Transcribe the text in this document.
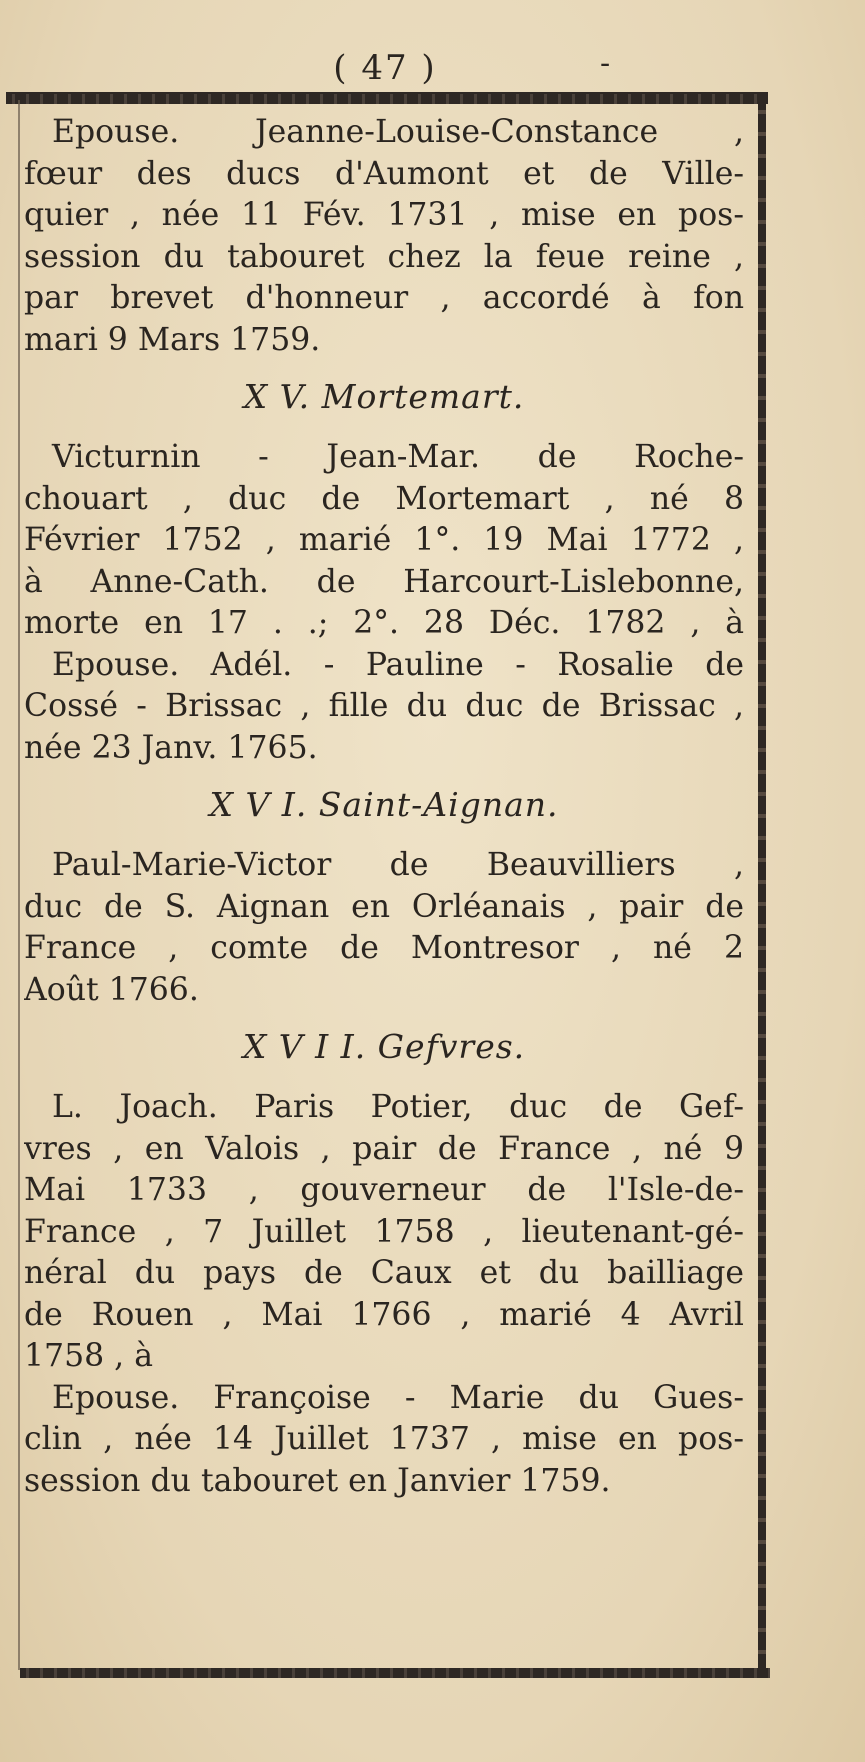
( 47 )	-
Epouse. Jeanne-Louise-Constance ,
fœur des ducs d'Aumont et de Ville-
quier , née 11 Fév. 1731 , mise en pos-
session du tabouret chez la feue reine ,
par brevet d'honneur , accordé à fon
mari 9 Mars 1759.
X V. Mortemart.
Victurnin - Jean-Mar. de Roche-
chouart , duc de Mortemart , né 8
Février 1752 , marié 1°. 19 Mai 1772 ,
à Anne-Cath. de Harcourt-Lislebonne,
morte en 17 . .; 2°. 28 Déc. 1782 , à
Epouse. Adél. - Pauline - Rosalie de
Cossé - Brissac , fille du duc de Brissac ,
née 23 Janv. 1765.
X V I. Saint-Aignan.
Paul-Marie-Victor de Beauvilliers ,
duc de S. Aignan en Orléanais , pair de
France , comte de Montresor , né 2
Août 1766.
X V I I. Gefvres.
L. Joach. Paris Potier, duc de Gef-
vres , en Valois , pair de France , né 9
Mai 1733 , gouverneur de l'Isle-de-
France , 7 Juillet 1758 , lieutenant-gé-
néral du pays de Caux et du bailliage
de Rouen , Mai 1766 , marié 4 Avril
1758 , à
Epouse. Françoise - Marie du Gues-
clin , née 14 Juillet 1737 , mise en pos-
session du tabouret en Janvier 1759.
